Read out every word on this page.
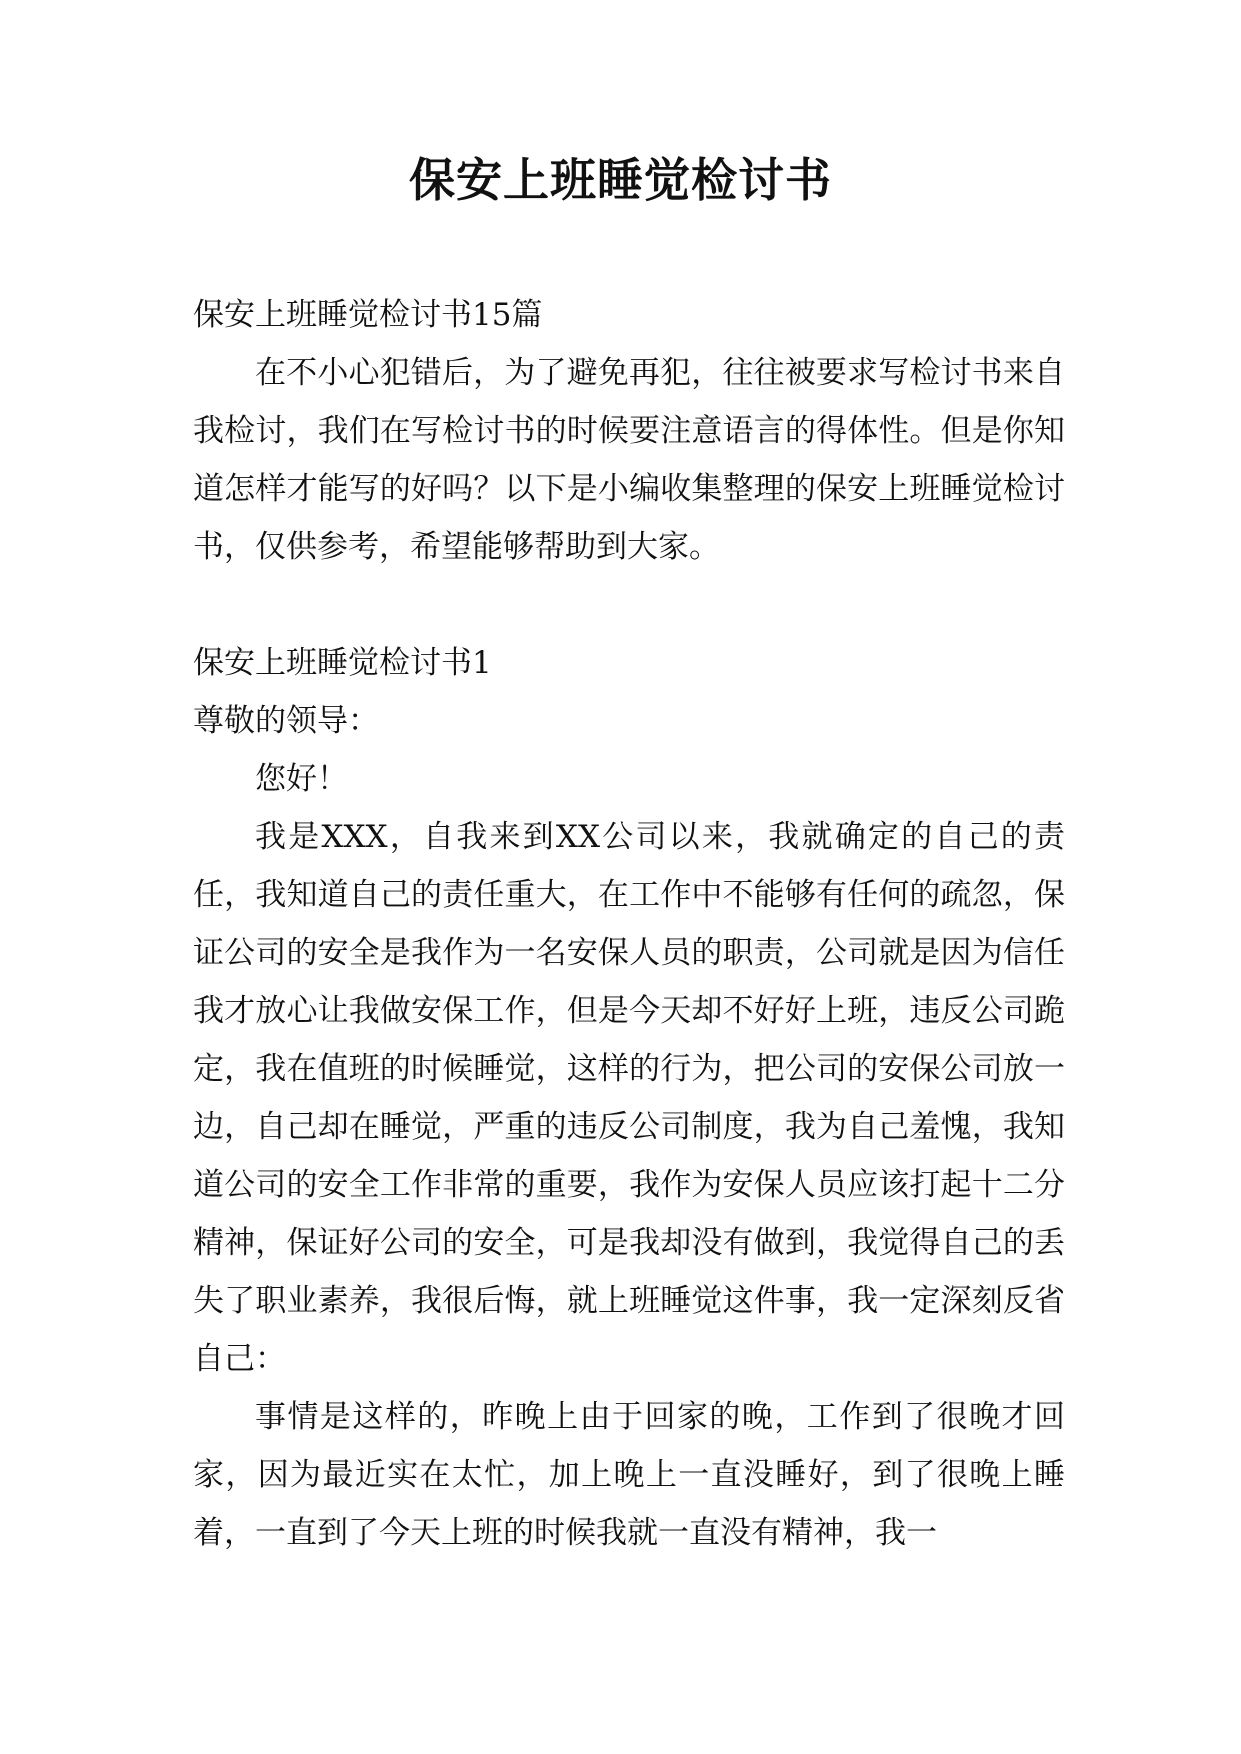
保安上班睡觉检讨书

保安上班睡觉检讨书15篇

在不小心犯错后，为了避免再犯，往往被要求写检讨书来自我检讨，我们在写检讨书的时候要注意语言的得体性。但是你知道怎样才能写的好吗？以下是小编收集整理的保安上班睡觉检讨书，仅供参考，希望能够帮助到大家。

保安上班睡觉检讨书1

尊敬的领导：

您好！

我是XXX，自我来到XX公司以来，我就确定的自己的责任，我知道自己的责任重大，在工作中不能够有任何的疏忽，保证公司的安全是我作为一名安保人员的职责，公司就是因为信任我才放心让我做安保工作，但是今天却不好好上班，违反公司跪定，我在值班的时候睡觉，这样的行为，把公司的安保公司放一边，自己却在睡觉，严重的违反公司制度，我为自己羞愧，我知道公司的安全工作非常的重要，我作为安保人员应该打起十二分精神，保证好公司的安全，可是我却没有做到，我觉得自己的丢失了职业素养，我很后悔，就上班睡觉这件事，我一定深刻反省自己：

事情是这样的，昨晚上由于回家的晚，工作到了很晚才回家，因为最近实在太忙，加上晚上一直没睡好，到了很晚上睡着，一直到了今天上班的时候我就一直没有精神，我一
